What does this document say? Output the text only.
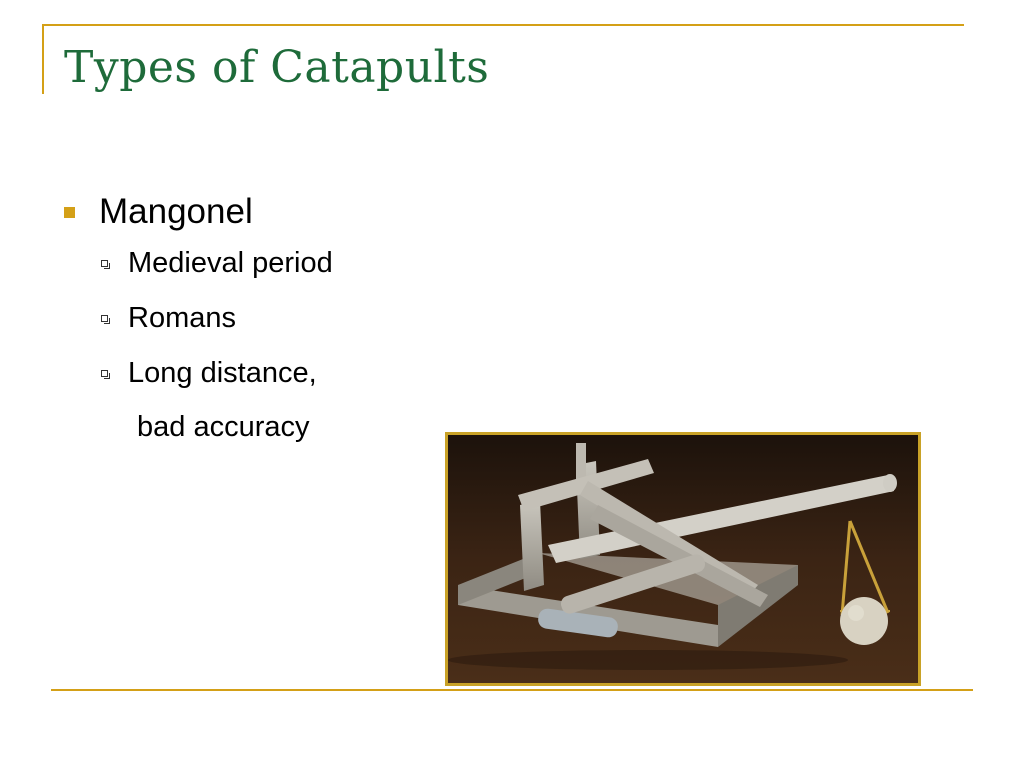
Types of Catapults
Mangonel
Medieval period
Romans
Long distance,
bad accuracy
